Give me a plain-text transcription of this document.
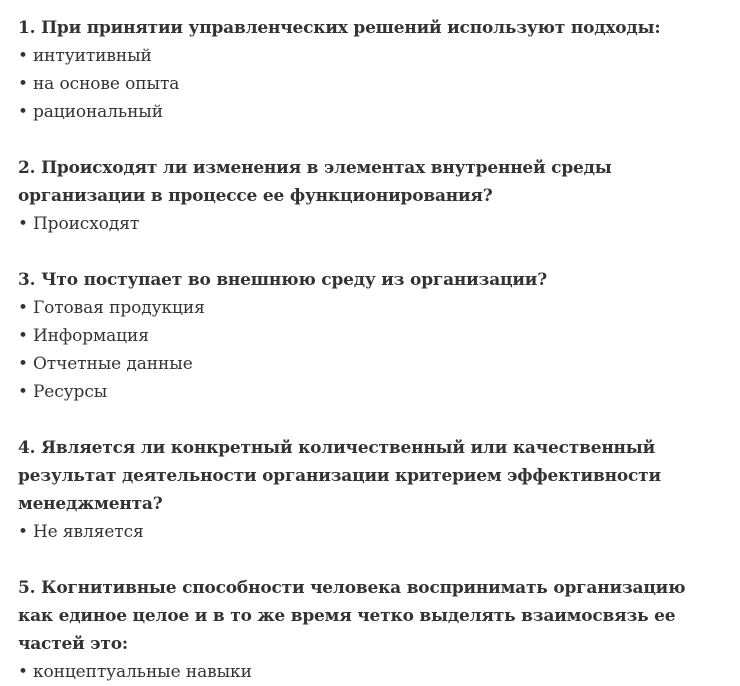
1. При принятии управленческих решений используют подходы:

• интуитивный
• на основе опыта
• рациональный

2. Происходят ли изменения в элементах внутренней среды организации в процессе ее функционирования?

• Происходят

3. Что поступает во внешнюю среду из организации?

• Готовая продукция
• Информация
• Отчетные данные
• Ресурсы

4. Является ли конкретный количественный или качественный результат деятельности организации критерием эффективности менеджмента?

• Не является

5. Когнитивные способности человека воспринимать организацию как единое целое и в то же время четко выделять взаимосвязь ее частей это:

• концептуальные навыки
